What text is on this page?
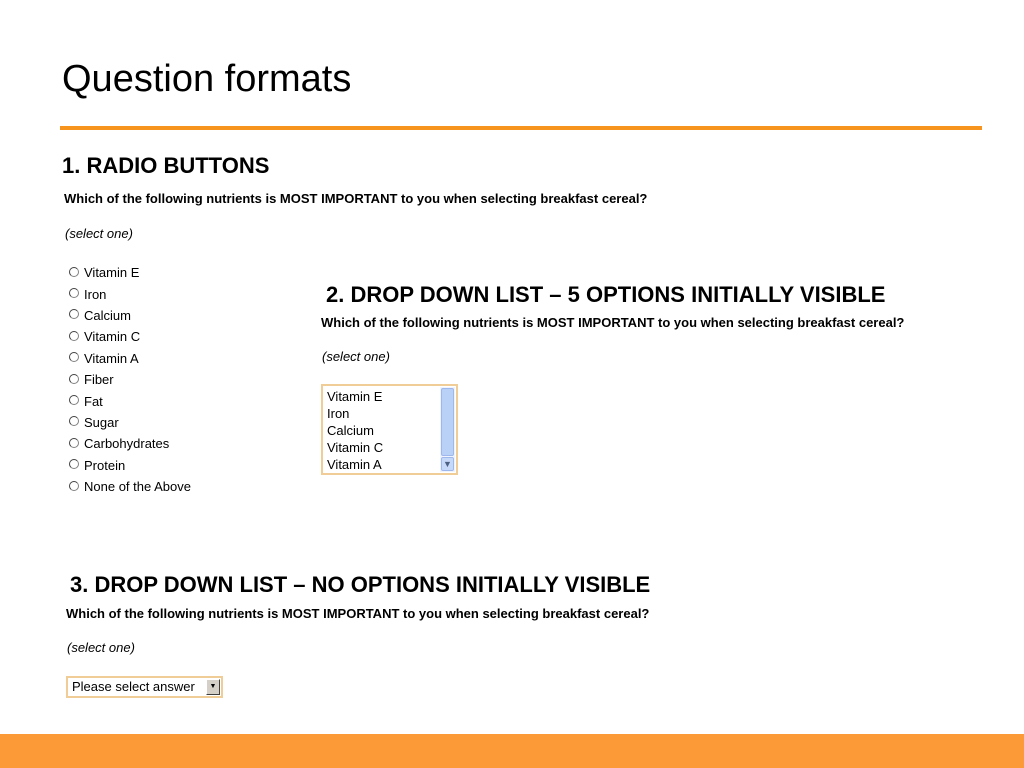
Question formats
1. RADIO BUTTONS
Which of the following nutrients is MOST IMPORTANT to you when selecting breakfast cereal?
(select one)
Vitamin E
Iron
Calcium
Vitamin C
Vitamin A
Fiber
Fat
Sugar
Carbohydrates
Protein
None of the Above
2. DROP DOWN LIST – 5 OPTIONS INITIALLY VISIBLE
Which of the following nutrients is MOST IMPORTANT to you when selecting breakfast cereal?
(select one)
Vitamin E
Iron
Calcium
Vitamin C
Vitamin A	▼
3. DROP DOWN LIST – NO OPTIONS INITIALLY VISIBLE
Which of the following nutrients is MOST IMPORTANT to you when selecting breakfast cereal?
(select one)
Please select answer	▼
